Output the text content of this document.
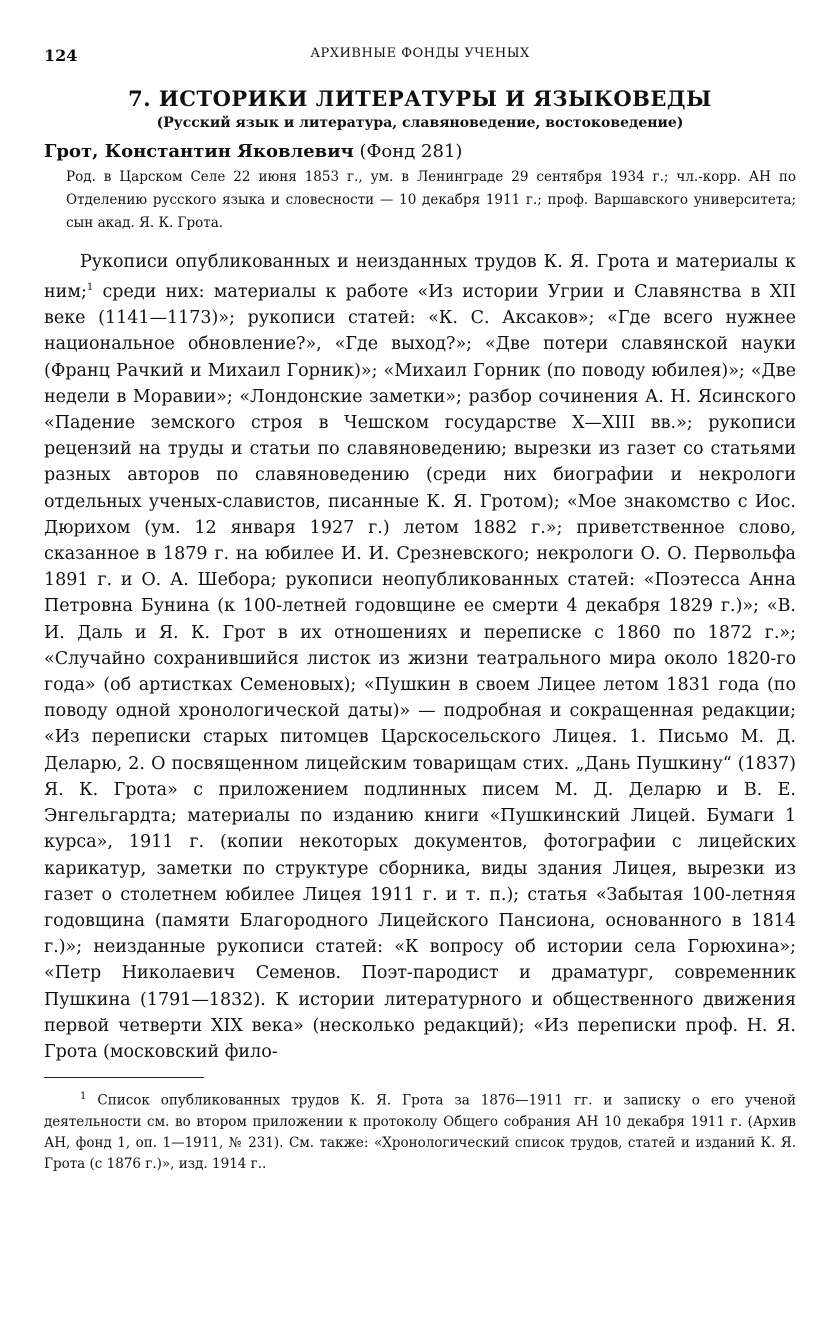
124	АРХИВНЫЕ ФОНДЫ УЧЕНЫХ
7. ИСТОРИКИ ЛИТЕРАТУРЫ И ЯЗЫКОВЕДЫ
(Русский язык и литература, славяноведение, востоковедение)
Грот, Константин Яковлевич (Фонд 281)

Род. в Царском Селе 22 июня 1853 г., ум. в Ленинграде 29 сентября 1934 г.; чл.-корр. АН по Отделению русского языка и словесности — 10 декабря 1911 г.; проф. Варшавского университета; сын акад. Я. К. Грота.

Рукописи опубликованных и неизданных трудов К. Я. Грота и материалы к ним;$^1$ среди них: материалы к работе «Из истории Угрии и Славянства в XII веке (1141—1173)»; рукописи статей: «К. С. Аксаков»; «Где всего нужнее национальное обновление?», «Где выход?»; «Две потери славянской науки (Франц Рачкий и Михаил Горник)»; «Михаил Горник (по поводу юбилея)»; «Две недели в Моравии»; «Лондонские заметки»; разбор сочинения А. Н. Ясинского «Падение земского строя в Чешском государстве X—XIII вв.»; рукописи рецензий на труды и статьи по славяноведению; вырезки из газет со статьями разных авторов по славяноведению (среди них биографии и некрологи отдельных ученых-славистов, писанные К. Я. Гротом); «Мое знакомство с Иос. Дюрихом (ум. 12 января 1927 г.) летом 1882 г.»; приветственное слово, сказанное в 1879 г. на юбилее И. И. Срезневского; некрологи О. О. Первольфа 1891 г. и О. А. Шебора; рукописи неопубликованных статей: «Поэтесса Анна Петровна Бунина (к 100-летней годовщине ее смерти 4 декабря 1829 г.)»; «В. И. Даль и Я. К. Грот в их отношениях и переписке с 1860 по 1872 г.»; «Случайно сохранившийся листок из жизни театрального мира около 1820-го года» (об артистках Семеновых); «Пушкин в своем Лицее летом 1831 года (по поводу одной хронологической даты)» — подробная и сокращенная редакции; «Из переписки старых питомцев Царскосельского Лицея. 1. Письмо М. Д. Деларю, 2. О посвященном лицейским товарищам стих. „Дань Пушкину“ (1837) Я. К. Грота» с приложением подлинных писем М. Д. Деларю и В. Е. Энгельгардта; материалы по изданию книги «Пушкинский Лицей. Бумаги 1 курса», 1911 г. (копии некоторых документов, фотографии с лицейских карикатур, заметки по структуре сборника, виды здания Лицея, вырезки из газет о столетнем юбилее Лицея 1911 г. и т. п.); статья «Забытая 100-летняя годовщина (памяти Благородного Лицейского Пансиона, основанного в 1814 г.)»; неизданные рукописи статей: «К вопросу об истории села Горюхина»; «Петр Николаевич Семенов. Поэт-пародист и драматург, современник Пушкина (1791—1832). К истории литературного и общественного движения первой четверти XIX века» (несколько редакций); «Из переписки проф. Н. Я. Грота (московский фило-

$^1$ Список опубликованных трудов К. Я. Грота за 1876—1911 гг. и записку о его ученой деятельности см. во втором приложении к протоколу Общего собрания АН 10 декабря 1911 г. (Архив АН, фонд 1, оп. 1—1911, № 231). См. также: «Хронологический список трудов, статей и изданий К. Я. Грота (с 1876 г.)», изд. 1914 г..
